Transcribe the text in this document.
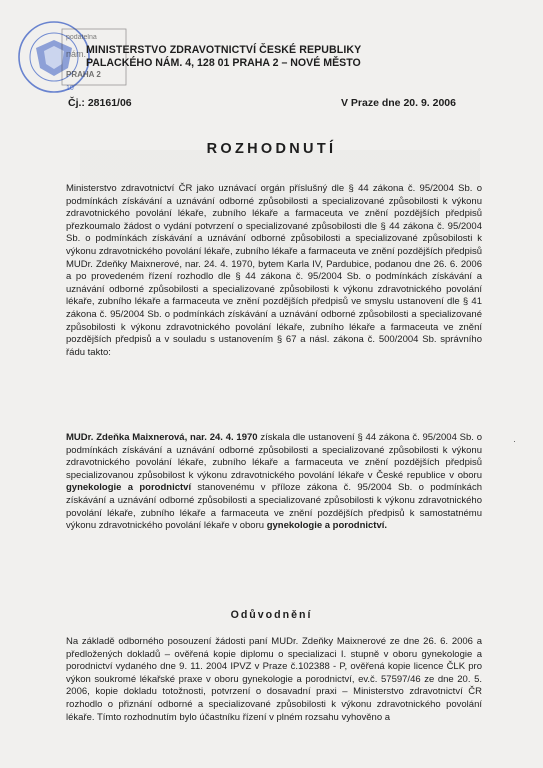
10
podatelna
nám.
PRAHA 2
MINISTERSTVO ZDRAVOTNICTVÍ ČESKÉ REPUBLIKY
PALACKÉHO NÁM. 4, 128 01 PRAHA 2 – NOVÉ MĚSTO
Čj.: 28161/06	V Praze dne 20. 9. 2006
ROZHODNUTÍ
Ministerstvo zdravotnictví ČR jako uznávací orgán příslušný dle § 44 zákona č. 95/2004 Sb. o podmínkách získávání a uznávání odborné způsobilosti a specializované způsobilosti k výkonu zdravotnického povolání lékaře, zubního lékaře a farmaceuta ve znění pozdějších předpisů přezkoumalo žádost o vydání potvrzení o specializované způsobilosti dle § 44 zákona č. 95/2004 Sb. o podmínkách získávání a uznávání odborné způsobilosti a specializované způsobilosti k výkonu zdravotnického povolání lékaře, zubního lékaře a farmaceuta ve znění pozdějších předpisů MUDr. Zdeňky Maixnerové, nar. 24. 4. 1970, bytem Karla IV, Pardubice, podanou dne 26. 6. 2006 a po provedeném řízení rozhodlo dle § 44 zákona č. 95/2004 Sb. o podmínkách získávání a uznávání odborné způsobilosti a specializované způsobilosti k výkonu zdravotnického povolání lékaře, zubního lékaře a farmaceuta ve znění pozdějších předpisů ve smyslu ustanovení dle § 41 zákona č. 95/2004 Sb. o podmínkách získávání a uznávání odborné způsobilosti a specializované způsobilosti k výkonu zdravotnického povolání lékaře, zubního lékaře a farmaceuta ve znění pozdějších předpisů a v souladu s ustanovením § 67 a násl. zákona č. 500/2004 Sb. správního řádu takto:
MUDr. Zdeňka Maixnerová, nar. 24. 4. 1970 získala dle ustanovení § 44 zákona č. 95/2004 Sb. o podmínkách získávání a uznávání odborné způsobilosti a specializované způsobilosti k výkonu zdravotnického povolání lékaře, zubního lékaře a farmaceuta ve znění pozdějších předpisů specializovanou způsobilost k výkonu zdravotnického povolání lékaře v České republice v oboru gynekologie a porodnictví stanovenému v příloze zákona č. 95/2004 Sb. o podmínkách získávání a uznávání odborné způsobilosti a specializované způsobilosti k výkonu zdravotnického povolání lékaře, zubního lékaře a farmaceuta ve znění pozdějších předpisů k samostatnému výkonu zdravotnického povolání lékaře v oboru gynekologie a porodnictví.
·
Odůvodnění
Na základě odborného posouzení žádosti paní MUDr. Zdeňky Maixnerové ze dne 26. 6. 2006 a předložených dokladů – ověřená kopie diplomu o specializaci I. stupně v oboru gynekologie a porodnictví vydaného dne 9. 11. 2004 IPVZ v Praze č.102388 - P, ověřená kopie licence ČLK pro výkon soukromé lékařské praxe v oboru gynekologie a porodnictví, ev.č. 57597/46 ze dne 20. 5. 2006, kopie dokladu totožnosti, potvrzení o dosavadní praxi – Ministerstvo zdravotnictví ČR rozhodlo o přiznání odborné a specializované způsobilosti k výkonu zdravotnického povolání lékaře. Tímto rozhodnutím bylo účastníku řízení v plném rozsahu vyhověno a
